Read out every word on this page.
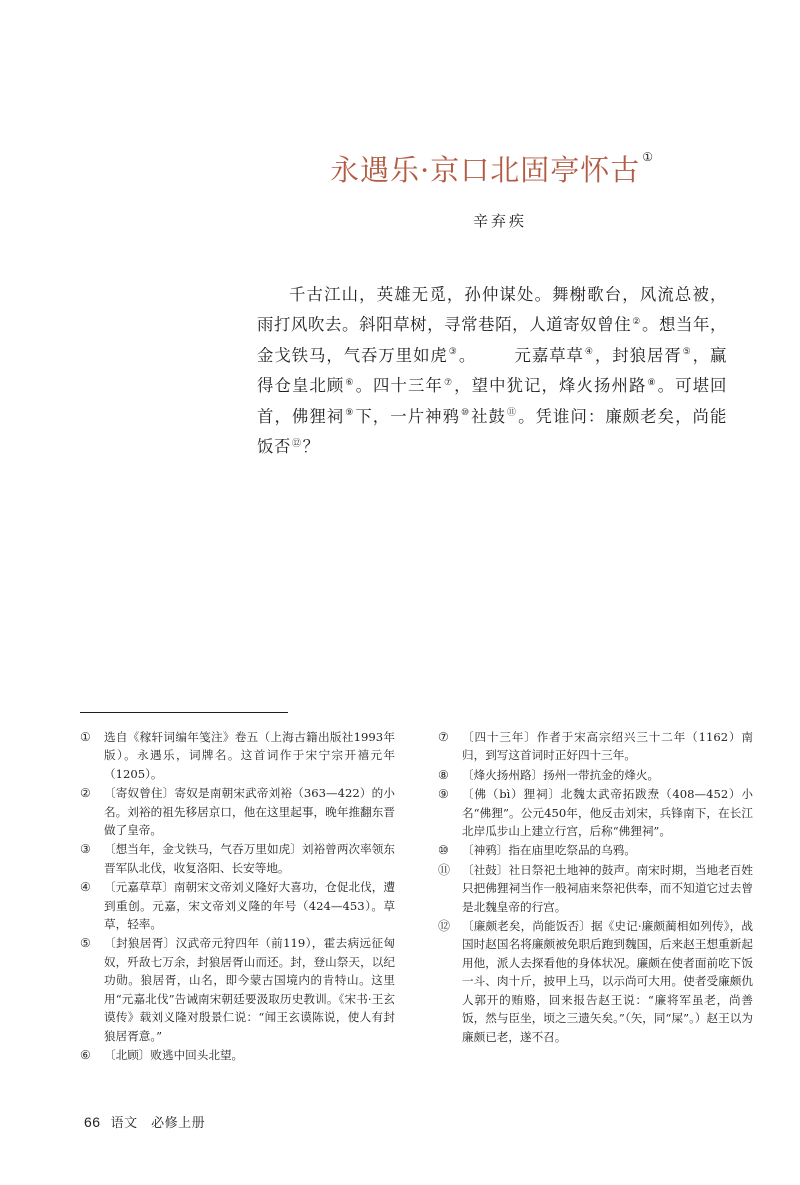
永遇乐·京口北固亭怀古 ①
辛弃疾
千古江山，英雄无觅，孙仲谋处。舞榭歌台，风流总被，雨打风吹去。斜阳草树，寻常巷陌，人道寄奴曾住②。想当年，金戈铁马，气吞万里如虎③。 元嘉草草④，封狼居胥⑤，赢得仓皇北顾⑥。四十三年⑦，望中犹记，烽火扬州路⑧。可堪回首，佛狸祠⑨下，一片神鸦⑩社鼓⑪。凭谁问：廉颇老矣，尚能饭否⑫？
①	选自《稼轩词编年笺注》卷五（上海古籍出版社1993年版）。永遇乐，词牌名。这首词作于宋宁宗开禧元年（1205）。
②	〔寄奴曾住〕寄奴是南朝宋武帝刘裕（363—422）的小名。刘裕的祖先移居京口，他在这里起事，晚年推翻东晋做了皇帝。
③	〔想当年，金戈铁马，气吞万里如虎〕刘裕曾两次率领东晋军队北伐，收复洛阳、长安等地。
④	〔元嘉草草〕南朝宋文帝刘义隆好大喜功，仓促北伐，遭到重创。元嘉，宋文帝刘义隆的年号（424—453）。草草，轻率。
⑤	〔封狼居胥〕汉武帝元狩四年（前119），霍去病远征匈奴，歼敌七万余，封狼居胥山而还。封，登山祭天，以纪功勋。狼居胥，山名，即今蒙古国境内的肯特山。这里用“元嘉北伐”告诫南宋朝廷要汲取历史教训。《宋书·王玄谟传》载刘义隆对殷景仁说：“闻王玄谟陈说，使人有封狼居胥意。”
⑥	〔北顾〕败逃中回头北望。
⑦	〔四十三年〕作者于宋高宗绍兴三十二年（1162）南归，到写这首词时正好四十三年。
⑧	〔烽火扬州路〕扬州一带抗金的烽火。
⑨	〔佛（bì）狸祠〕北魏太武帝拓跋焘（408—452）小名“佛狸”。公元450年，他反击刘宋，兵锋南下，在长江北岸瓜步山上建立行宫，后称“佛狸祠”。
⑩	〔神鸦〕指在庙里吃祭品的乌鸦。
⑪	〔社鼓〕社日祭祀土地神的鼓声。南宋时期，当地老百姓只把佛狸祠当作一般祠庙来祭祀供奉，而不知道它过去曾是北魏皇帝的行宫。
⑫	〔廉颇老矣，尚能饭否〕据《史记·廉颇蔺相如列传》，战国时赵国名将廉颇被免职后跑到魏国，后来赵王想重新起用他，派人去探看他的身体状况。廉颇在使者面前吃下饭一斗、肉十斤，披甲上马，以示尚可大用。使者受廉颇仇人郭开的贿赂，回来报告赵王说：“廉将军虽老，尚善饭，然与臣坐，顷之三遗矢矣。”（矢，同“屎”。）赵王以为廉颇已老，遂不召。
66 语文　必修上册
